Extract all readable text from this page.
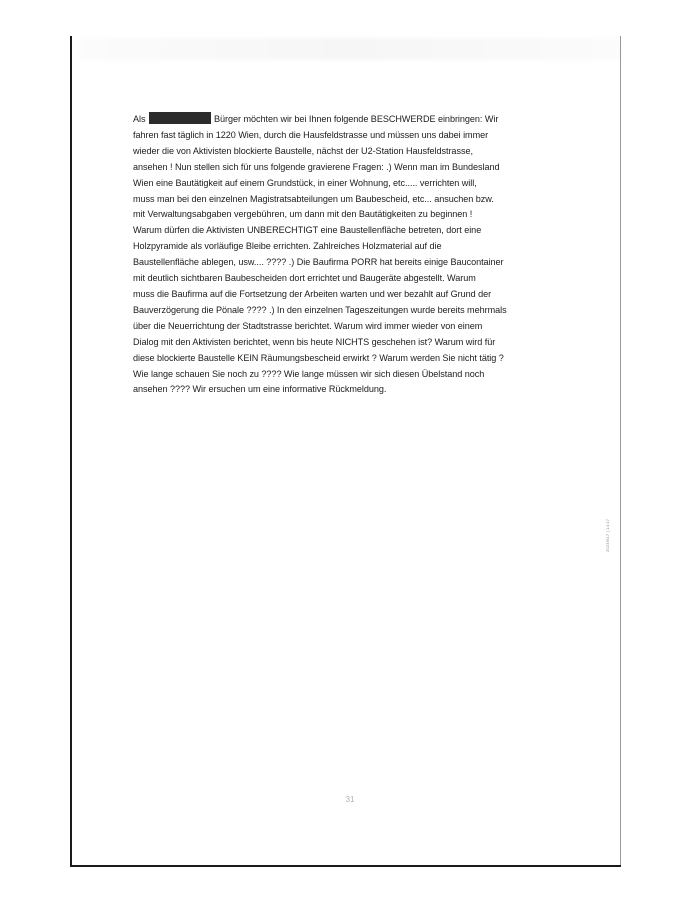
Als	Bürger möchten wir bei Ihnen folgende BESCHWERDE einbringen: Wir
fahren fast täglich in 1220 Wien, durch die Hausfeldstrasse und müssen uns dabei immer
wieder die von Aktivisten blockierte Baustelle, nächst der U2-Station Hausfeldstrasse,
ansehen ! Nun stellen sich für uns folgende gravierene Fragen: .) Wenn man im Bundesland
Wien eine Bautätigkeit auf einem Grundstück, in einer Wohnung, etc..... verrichten will,
muss man bei den einzelnen Magistratsabteilungen um Baubescheid, etc... ansuchen bzw.
mit Verwaltungsabgaben vergebühren, um dann mit den Bautätigkeiten zu beginnen !
Warum dürfen die Aktivisten UNBERECHTIGT eine Baustellenfläche betreten, dort eine
Holzpyramide als vorläufige Bleibe errichten. Zahlreiches Holzmaterial auf die
Baustellenfläche ablegen, usw.... ???? .) Die Baufirma PORR hat bereits einige Baucontainer
mit deutlich sichtbaren Baubescheiden dort errichtet und Baugeräte abgestellt. Warum
muss die Baufirma auf die Fortsetzung der Arbeiten warten und wer bezahlt auf Grund der
Bauverzögerung die Pönale ???? .) In den einzelnen Tageszeitungen wurde bereits mehrmals
über die Neuerrichtung der Stadtstrasse berichtet. Warum wird immer wieder von einem
Dialog mit den Aktivisten berichtet, wenn bis heute NICHTS geschehen ist? Warum wird für
diese blockierte Baustelle KEIN Räumungsbescheid erwirkt ? Warum werden Sie nicht tätig ?
Wie lange schauen Sie noch zu ???? Wie lange müssen wir sich diesen Übelstand noch
ansehen ???? Wir ersuchen um eine informative Rückmeldung.
2023/917 | 14:17
31
